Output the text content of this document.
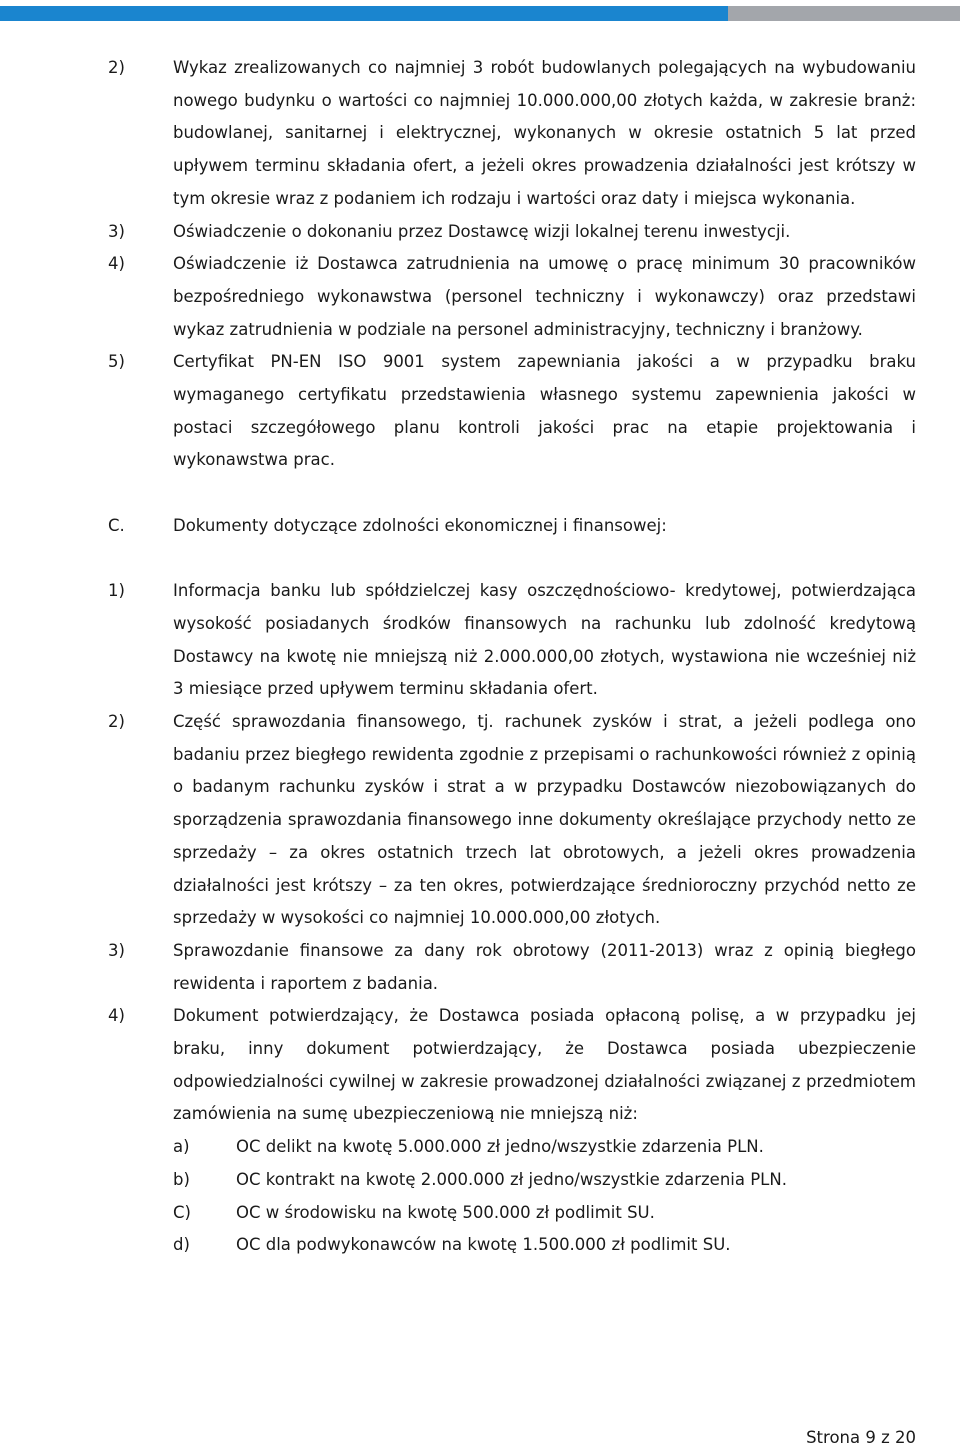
2)	Wykaz zrealizowanych co najmniej 3 robót budowlanych polegających na wybudowaniu nowego budynku o wartości co najmniej 10.000.000,00 złotych każda, w zakresie branż: budowlanej, sanitarnej i elektrycznej, wykonanych w okresie ostatnich 5 lat przed upływem terminu składania ofert, a jeżeli okres prowadzenia działalności jest krótszy w tym okresie wraz z podaniem ich rodzaju i wartości oraz daty i miejsca wykonania.
3)	Oświadczenie o dokonaniu przez Dostawcę wizji lokalnej terenu inwestycji.
4)	Oświadczenie iż Dostawca zatrudnienia na umowę o pracę minimum 30 pracowników bezpośredniego wykonawstwa (personel techniczny i wykonawczy) oraz przedstawi wykaz zatrudnienia w podziale na personel administracyjny, techniczny i branżowy.
5)	Certyfikat PN-EN ISO 9001 system zapewniania jakości a w przypadku braku wymaganego certyfikatu przedstawienia własnego systemu zapewnienia jakości w postaci szczegółowego planu kontroli jakości prac na etapie projektowania i wykonawstwa prac.
C.	Dokumenty dotyczące zdolności ekonomicznej i finansowej:
1)	Informacja banku lub spółdzielczej kasy oszczędnościowo- kredytowej, potwierdzająca wysokość posiadanych środków finansowych na rachunku lub zdolność kredytową Dostawcy na kwotę nie mniejszą niż 2.000.000,00 złotych, wystawiona nie wcześniej niż 3 miesiące przed upływem terminu składania ofert.
2)	Część sprawozdania finansowego, tj. rachunek zysków i strat, a jeżeli podlega ono badaniu przez biegłego rewidenta zgodnie z przepisami o rachunkowości również z opinią o badanym rachunku zysków i strat a w przypadku Dostawców niezobowiązanych do sporządzenia sprawozdania finansowego inne dokumenty określające przychody netto ze sprzedaży – za okres ostatnich trzech lat obrotowych, a jeżeli okres prowadzenia działalności jest krótszy – za ten okres, potwierdzające średnioroczny przychód netto ze sprzedaży w wysokości co najmniej 10.000.000,00 złotych.
3)	Sprawozdanie finansowe za dany rok obrotowy (2011-2013) wraz z opinią biegłego rewidenta i raportem z badania.
4)	Dokument potwierdzający, że Dostawca posiada opłaconą polisę, a w przypadku jej braku, inny dokument potwierdzający, że Dostawca posiada ubezpieczenie odpowiedzialności cywilnej w zakresie prowadzonej działalności związanej z przedmiotem zamówienia na sumę ubezpieczeniową nie mniejszą niż:
a)	OC delikt na kwotę 5.000.000 zł jedno/wszystkie zdarzenia PLN.
b)	OC kontrakt na kwotę 2.000.000 zł jedno/wszystkie zdarzenia PLN.
C)	OC w środowisku na kwotę 500.000 zł podlimit SU.
d)	OC dla podwykonawców na kwotę 1.500.000 zł podlimit SU.
Strona 9 z 20
